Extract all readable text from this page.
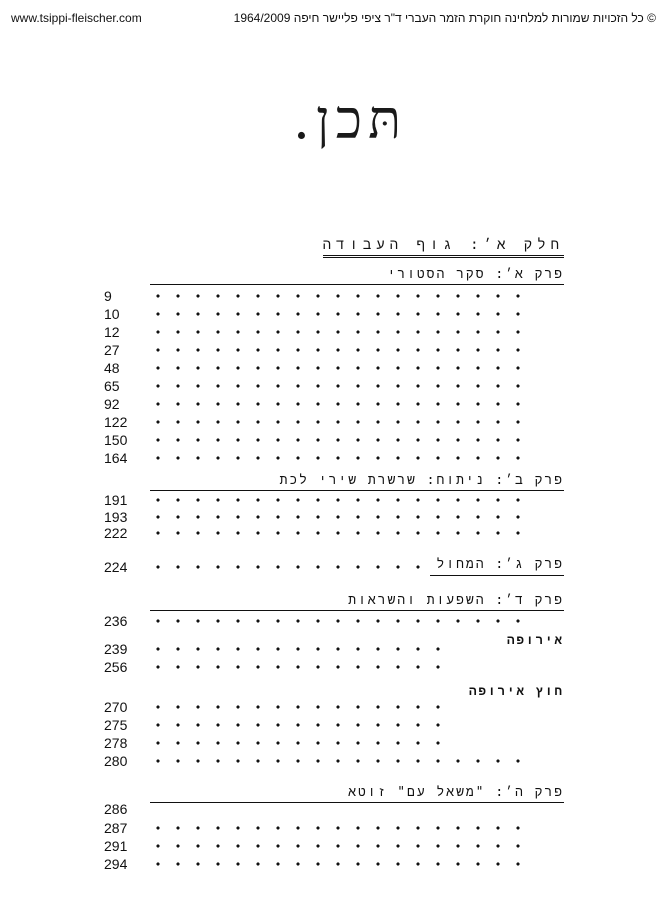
www.tsippi-fleischer.com	© כל הזכויות שמורות למלחינה חוקרת הזמר העברי ד"ר ציפי פליישר חיפה 1964/2009
תּכן.
חלק א׳: גוף העבודה
פרק א׳: סקר הסטורי
9
10
12
27
48
65
92
122
150
164
פרק ב׳: ניתוח: שרשרת שירי לכת
191
193
222
224	פרק ג׳: המחול
פרק ד׳: השפעות והשראות
236
אירופה
239
256
חוץ אירופה
270
275
278
280
פרק ה׳: "משאל עם" זוטא
286
287
291
294
